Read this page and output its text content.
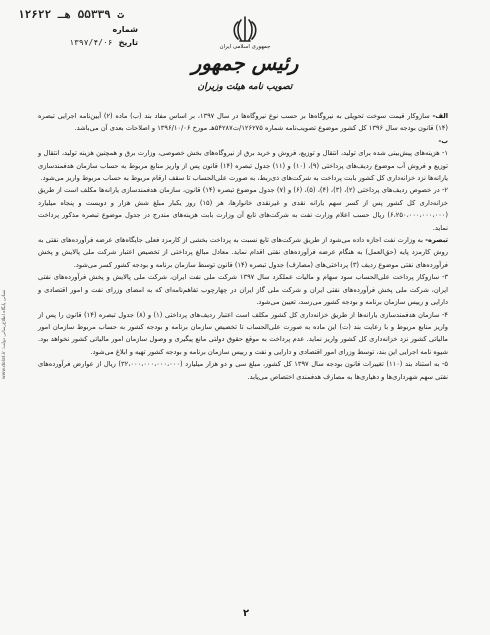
۱۲۶۲۲ ت ۵۵۳۳۹ هـ
شماره
تاریخ
۱۳۹۷/۴/۰۶	جمهوری اسلامی ایران
رئیس جمهور
تصویب نامه هیئت وزیران

الف- سازوکار قیمت سوخت تحویلی به نیروگاه‌ها بر حسب نوع نیروگاه‌ها در سال ۱۳۹۷، بر اساس مفاد بند (ب) ماده (۲) آیین‌نامه اجرایی تبصره (۱۴) قانون بودجه سال ۱۳۹۶ کل کشور موضوع تصویب‌نامه شماره ۱۲۶۲۷۵/ت۵۴۲۸۷هـ مورخ ۱۳۹۶/۱۰/۰۶ و اصلاحات بعدی آن می‌باشد.

ب-

۱- هزینه‌های پیش‌بینی شده برای تولید، انتقال و توزیع، فروش و خرید برق از نیروگاه‌های بخش خصوصی، وزارت برق و همچنین هزینه تولید، انتقال و توزیع و فروش آب موضوع ردیف‌های پرداختی (۹)، (۱۰) و (۱۱) جدول تبصره (۱۴) قانون پس از واریز منابع مربوط به حساب سازمان هدفمندسازی یارانه‌ها نزد خزانه‌داری کل کشور بابت پرداخت به شرکت‌های ذی‌ربط، به صورت علی‌الحساب تا سقف ارقام مربوط به حساب مربوط واریز می‌شود.

۲- در خصوص ردیف‌های پرداختی (۲)، (۳)، (۴)، (۵)، (۶) و (۷) جدول موضوع تبصره (۱۴) قانون، سازمان هدفمندسازی یارانه‌ها مکلف است از طریق خزانه‌داری کل کشور پس از کسر سهم یارانه نقدی و غیرنقدی خانوارها، هر (۱۵) روز یکبار مبلغ شش هزار و دویست و پنجاه میلیارد (۶،۲۵۰،۰۰۰،۰۰۰،۰۰۰) ریال حسب اعلام وزارت نفت به شرکت‌های تابع آن وزارت بابت هزینه‌های مندرج در جدول موضوع تبصره مذکور پرداخت نماید.

تبصره- به وزارت نفت اجازه داده می‌شود از طریق شرکت‌های تابع نسبت به پرداخت بخشی از کارمزد فعلی جایگاه‌های عرضه فرآورده‌های نفتی به روش کارمزد پایه (حق‌العمل) به هنگام عرضه فرآورده‌های نفتی اقدام نماید. معادل مبالغ پرداختی از تخصیص اعتبار شرکت ملی پالایش و پخش فرآورده‌های نفتی موضوع ردیف (۳) پرداختی‌های (مصارف) جدول تبصره (۱۴) قانون توسط سازمان برنامه و بودجه کشور کسر می‌شود.

۳- سازوکار پرداخت علی‌الحساب سود سهام و مالیات عملکرد سال ۱۳۹۷ شرکت ملی نفت ایران، شرکت ملی پالایش و پخش فرآورده‌های نفتی ایران، شرکت ملی پخش فرآورده‌های نفتی ایران و شرکت ملی گاز ایران در چهارچوب تفاهم‌نامه‌ای که به امضای وزرای نفت و امور اقتصادی و دارایی و رییس سازمان برنامه و بودجه کشور می‌رسد، تعیین می‌شود.

۴- سازمان هدفمندسازی یارانه‌ها از طریق خزانه‌داری کل کشور مکلف است اعتبار ردیف‌های پرداختی (۱) و (۸) جدول تبصره (۱۴) قانون را پس از واریز منابع مربوط و با رعایت بند (ت) این ماده به صورت علی‌الحساب تا تخصیص سازمان برنامه و بودجه کشور به حساب مربوط سازمان امور مالیاتی کشور نزد خزانه‌داری کل کشور واریز نماید. عدم پرداخت به موقع حقوق دولتی مانع پیگیری و وصول سازمان امور مالیاتی کشور نخواهد بود. شیوه نامه اجرایی این بند، توسط وزرای امور اقتصادی و دارایی و نفت و رییس سازمان برنامه و بودجه کشور تهیه و ابلاغ می‌شود.

۵- به استناد بند (۱۱۰) تغییرات قانون بودجه سال ۱۳۹۷ کل کشور، مبلغ سی و دو هزار میلیارد (۳۲،۰۰۰،۰۰۰،۰۰۰،۰۰۰) ریال از عوارض فرآورده‌های نفتی سهم شهرداری‌ها و دهیاری‌ها به مصارف هدفمندی اختصاص می‌یابد.

نشانی پایگاه اطلاع‌رسانی دولت: www.dolat.ir
۲
